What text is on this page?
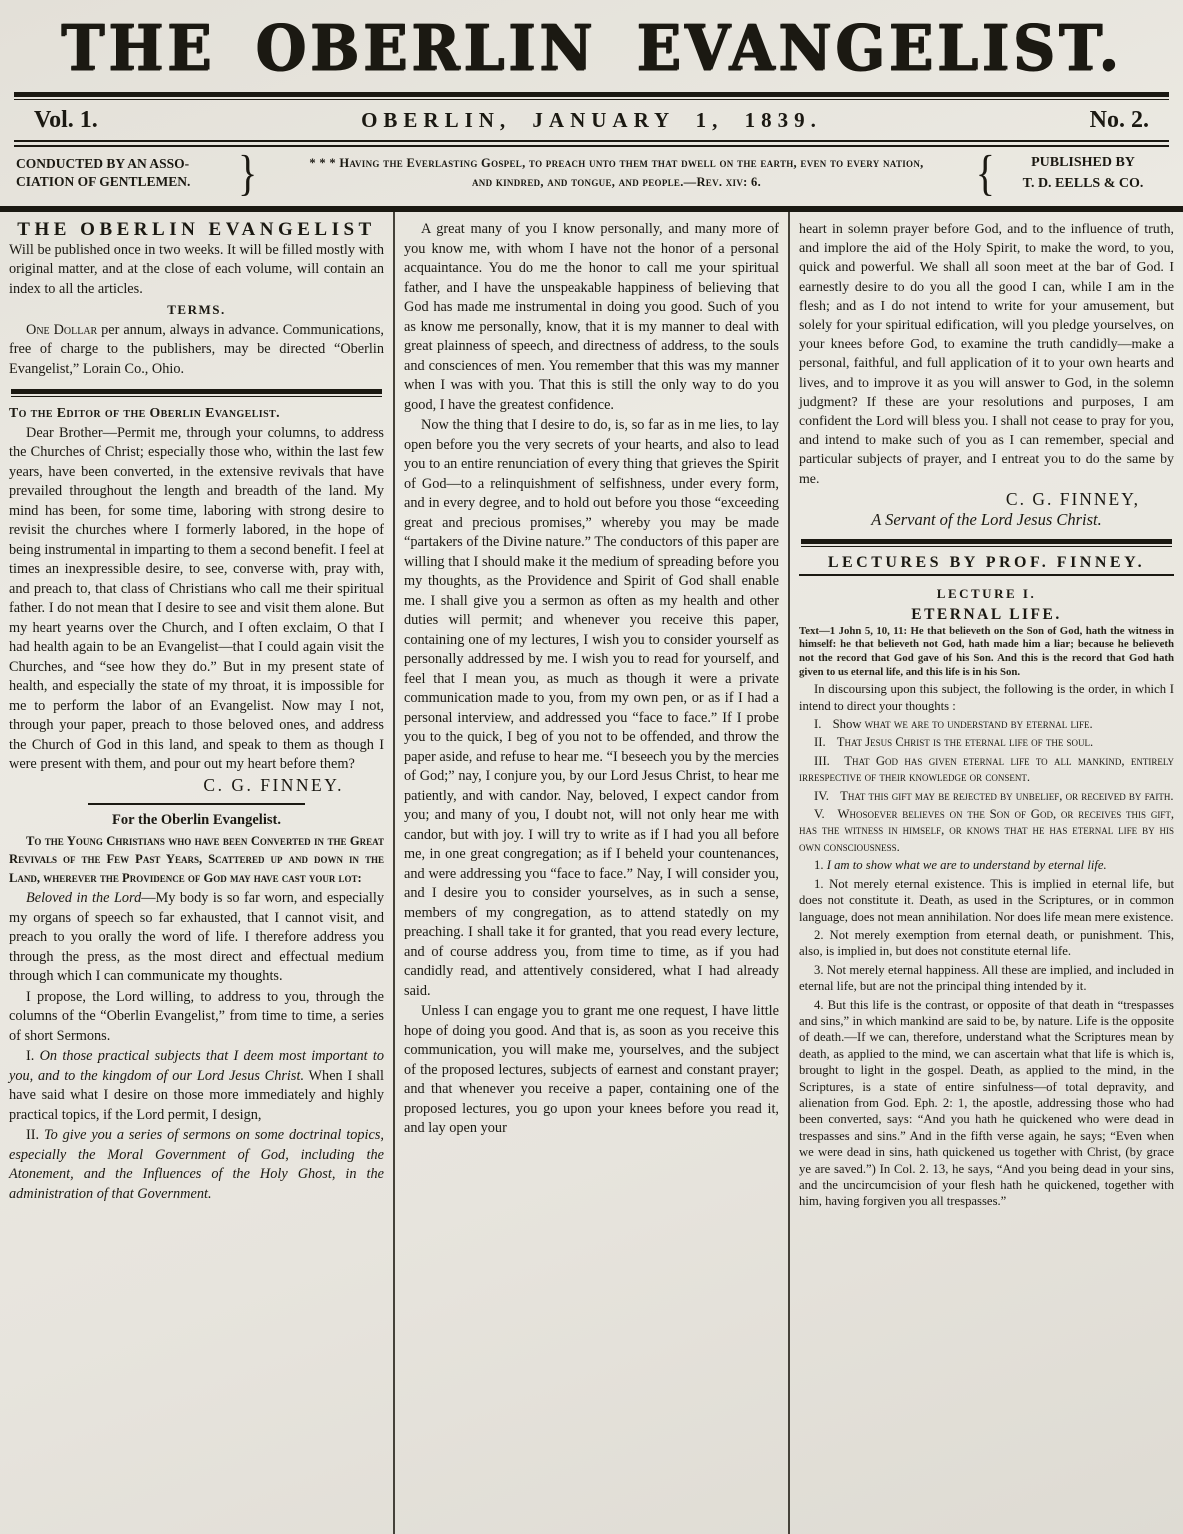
THE OBERLIN EVANGELIST.
Vol. 1.	OBERLIN, JANUARY 1, 1839.	No. 2.
CONDUCTED BY AN ASSO-
CIATION OF GENTLEMEN.	}	* * * Having the Everlasting Gospel, to preach unto them that dwell on the earth, even to every nation,
and kindred, and tongue, and people.—Rev. xiv: 6.	{	PUBLISHED BY
T. D. EELLS & CO.

THE OBERLIN EVANGELIST

Will be published once in two weeks. It will be filled mostly with original matter, and at the close of each volume, will contain an index to all the articles.

TERMS.

One Dollar per annum, always in advance. Communications, free of charge to the publishers, may be directed “Oberlin Evangelist,” Lorain Co., Ohio.

To the Editor of the Oberlin Evangelist.

Dear Brother—Permit me, through your columns, to address the Churches of Christ; especially those who, within the last few years, have been converted, in the extensive revivals that have prevailed throughout the length and breadth of the land. My mind has been, for some time, laboring with strong desire to revisit the churches where I formerly labored, in the hope of being instrumental in imparting to them a second benefit. I feel at times an inexpressible desire, to see, converse with, pray with, and preach to, that class of Christians who call me their spiritual father. I do not mean that I desire to see and visit them alone. But my heart yearns over the Church, and I often exclaim, O that I had health again to be an Evangelist—that I could again visit the Churches, and “see how they do.” But in my present state of health, and especially the state of my throat, it is impossible for me to perform the labor of an Evangelist. Now may I not, through your paper, preach to those beloved ones, and address the Church of God in this land, and speak to them as though I were present with them, and pour out my heart before them?

C. G. FINNEY.

For the Oberlin Evangelist.

To the Young Christians who have been Converted in the Great Revivals of the Few Past Years, Scattered up and down in the Land, wherever the Providence of God may have cast your lot:

Beloved in the Lord—My body is so far worn, and especially my organs of speech so far exhausted, that I cannot visit, and preach to you orally the word of life. I therefore address you through the press, as the most direct and effectual medium through which I can communicate my thoughts.

I propose, the Lord willing, to address to you, through the columns of the “Oberlin Evangelist,” from time to time, a series of short Sermons.

I. On those practical subjects that I deem most important to you, and to the kingdom of our Lord Jesus Christ. When I shall have said what I desire on those more immediately and highly practical topics, if the Lord permit, I design,

II. To give you a series of sermons on some doctrinal topics, especially the Moral Government of God, including the Atonement, and the Influences of the Holy Ghost, in the administration of that Government.

A great many of you I know personally, and many more of you know me, with whom I have not the honor of a personal acquaintance. You do me the honor to call me your spiritual father, and I have the unspeakable happiness of believing that God has made me instrumental in doing you good. Such of you as know me personally, know, that it is my manner to deal with great plainness of speech, and directness of address, to the souls and consciences of men. You remember that this was my manner when I was with you. That this is still the only way to do you good, I have the greatest confidence.

Now the thing that I desire to do, is, so far as in me lies, to lay open before you the very secrets of your hearts, and also to lead you to an entire renunciation of every thing that grieves the Spirit of God—to a relinquishment of selfishness, under every form, and in every degree, and to hold out before you those “exceeding great and precious promises,” whereby you may be made “partakers of the Divine nature.” The conductors of this paper are willing that I should make it the medium of spreading before you my thoughts, as the Providence and Spirit of God shall enable me. I shall give you a sermon as often as my health and other duties will permit; and whenever you receive this paper, containing one of my lectures, I wish you to consider yourself as personally addressed by me. I wish you to read for yourself, and feel that I mean you, as much as though it were a private communication made to you, from my own pen, or as if I had a personal interview, and addressed you “face to face.” If I probe you to the quick, I beg of you not to be offended, and throw the paper aside, and refuse to hear me. “I beseech you by the mercies of God;” nay, I conjure you, by our Lord Jesus Christ, to hear me patiently, and with candor. Nay, beloved, I expect candor from you; and many of you, I doubt not, will not only hear me with candor, but with joy. I will try to write as if I had you all before me, in one great congregation; as if I beheld your countenances, and were addressing you “face to face.” Nay, I will consider you, and I desire you to consider yourselves, as in such a sense, members of my congregation, as to attend statedly on my preaching. I shall take it for granted, that you read every lecture, and of course address you, from time to time, as if you had candidly read, and attentively considered, what I had already said.

Unless I can engage you to grant me one request, I have little hope of doing you good. And that is, as soon as you receive this communication, you will make me, yourselves, and the subject of the proposed lectures, subjects of earnest and constant prayer; and that whenever you receive a paper, containing one of the proposed lectures, you go upon your knees before you read it, and lay open your

heart in solemn prayer before God, and to the influence of truth, and implore the aid of the Holy Spirit, to make the word, to you, quick and powerful. We shall all soon meet at the bar of God. I earnestly desire to do you all the good I can, while I am in the flesh; and as I do not intend to write for your amusement, but solely for your spiritual edification, will you pledge yourselves, on your knees before God, to examine the truth candidly—make a personal, faithful, and full application of it to your own hearts and lives, and to improve it as you will answer to God, in the solemn judgment? If these are your resolutions and purposes, I am confident the Lord will bless you. I shall not cease to pray for you, and intend to make such of you as I can remember, special and particular subjects of prayer, and I entreat you to do the same by me.

C. G. FINNEY,

A Servant of the Lord Jesus Christ.

LECTURES BY PROF. FINNEY.

LECTURE I.

ETERNAL LIFE.

Text—1 John 5, 10, 11: He that believeth on the Son of God, hath the witness in himself: he that believeth not God, hath made him a liar; because he believeth not the record that God gave of his Son. And this is the record that God hath given to us eternal life, and this life is in his Son.

In discoursing upon this subject, the following is the order, in which I intend to direct your thoughts :

I. Show what we are to understand by eternal life.

II. That Jesus Christ is the eternal life of the soul.

III. That God has given eternal life to all mankind, entirely irrespective of their knowledge or consent.

IV. That this gift may be rejected by unbelief, or received by faith.

V. Whosoever believes on the Son of God, or receives this gift, has the witness in himself, or knows that he has eternal life by his own consciousness.

1. I am to show what we are to understand by eternal life.

1. Not merely eternal existence. This is implied in eternal life, but does not constitute it. Death, as used in the Scriptures, or in common language, does not mean annihilation. Nor does life mean mere existence.

2. Not merely exemption from eternal death, or punishment. This, also, is implied in, but does not constitute eternal life.

3. Not merely eternal happiness. All these are implied, and included in eternal life, but are not the principal thing intended by it.

4. But this life is the contrast, or opposite of that death in “trespasses and sins,” in which mankind are said to be, by nature. Life is the opposite of death.—If we can, therefore, understand what the Scriptures mean by death, as applied to the mind, we can ascertain what that life is which is, brought to light in the gospel. Death, as applied to the mind, in the Scriptures, is a state of entire sinfulness—of total depravity, and alienation from God. Eph. 2: 1, the apostle, addressing those who had been converted, says: “And you hath he quickened who were dead in trespasses and sins.” And in the fifth verse again, he says; “Even when we were dead in sins, hath quickened us together with Christ, (by grace ye are saved.”) In Col. 2. 13, he says, “And you being dead in your sins, and the uncircumcision of your flesh hath he quickened, together with him, having forgiven you all trespasses.”
